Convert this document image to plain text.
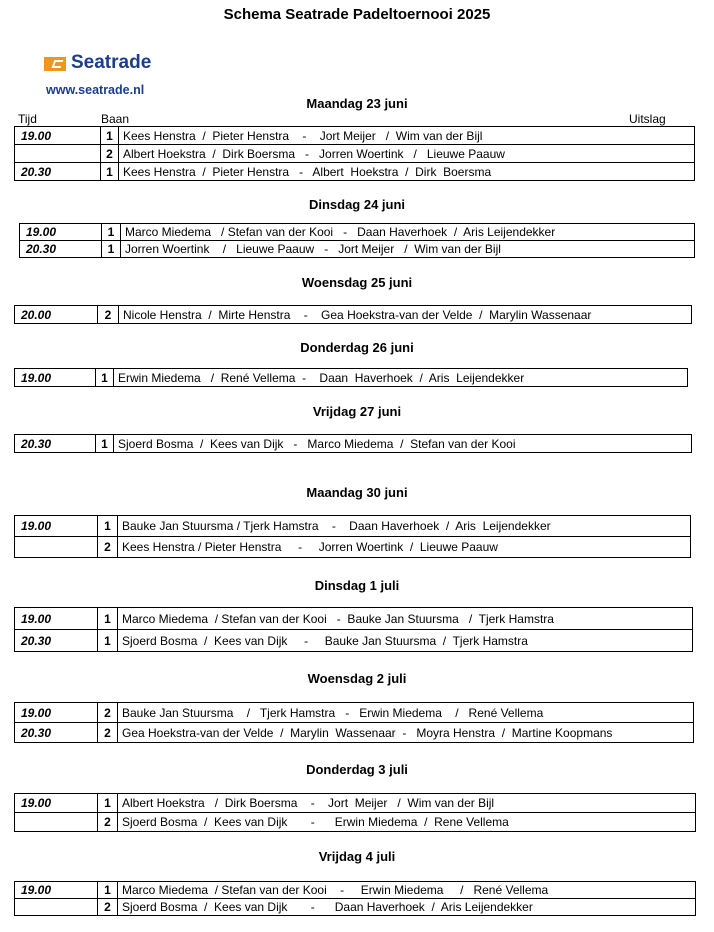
Schema Seatrade Padeltoernooi 2025
Seatrade
www.seatrade.nl
Tijd	Baan	Uitslag
Maandag 23 juni
19.00	1	Kees Henstra  /  Pieter Henstra    -    Jort Meijer   /  Wim van der Bijl
	2	Albert Hoekstra  /  Dirk Boersma   -   Jorren Woertink   /   Lieuwe Paauw
20.30	1	Kees Henstra  /  Pieter Henstra   -   Albert  Hoekstra  /  Dirk  Boersma
Dinsdag 24 juni
19.00	1	Marco Miedema   / Stefan van der Kooi   -   Daan Haverhoek  /  Aris Leijendekker
20.30	1	Jorren Woertink    /   Lieuwe Paauw   -   Jort Meijer   /  Wim van der Bijl
Woensdag 25 juni
20.00	2	Nicole Henstra  /  Mirte Henstra    -    Gea Hoekstra-van der Velde  /  Marylin Wassenaar
Donderdag 26 juni
19.00	1	Erwin Miedema   /  René Vellema  -    Daan  Haverhoek  /  Aris  Leijendekker
Vrijdag 27 juni
20.30	1	Sjoerd Bosma  /  Kees van Dijk   -   Marco Miedema  /  Stefan van der Kooi
Maandag 30 juni
19.00	1	Bauke Jan Stuursma / Tjerk Hamstra    -    Daan Haverhoek  /  Aris  Leijendekker
	2	Kees Henstra / Pieter Henstra     -     Jorren Woertink  /  Lieuwe Paauw
Dinsdag 1 juli
19.00	1	Marco Miedema  / Stefan van der Kooi   -  Bauke Jan Stuursma   /  Tjerk Hamstra
20.30	1	Sjoerd Bosma  /  Kees van Dijk     -     Bauke Jan Stuursma  /  Tjerk Hamstra
Woensdag 2 juli
19.00	2	Bauke Jan Stuursma    /   Tjerk Hamstra   -   Erwin Miedema    /   René Vellema
20.30	2	Gea Hoekstra-van der Velde  /  Marylin  Wassenaar  -   Moyra Henstra  /  Martine Koopmans
Donderdag 3 juli
19.00	1	Albert Hoekstra   /  Dirk Boersma    -    Jort  Meijer   /  Wim van der Bijl
	2	Sjoerd Bosma  /  Kees van Dijk       -      Erwin Miedema  /  Rene Vellema
Vrijdag 4 juli
19.00	1	Marco Miedema  / Stefan van der Kooi    -     Erwin Miedema     /   René Vellema
	2	Sjoerd Bosma  /  Kees van Dijk       -      Daan Haverhoek  /  Aris Leijendekker
